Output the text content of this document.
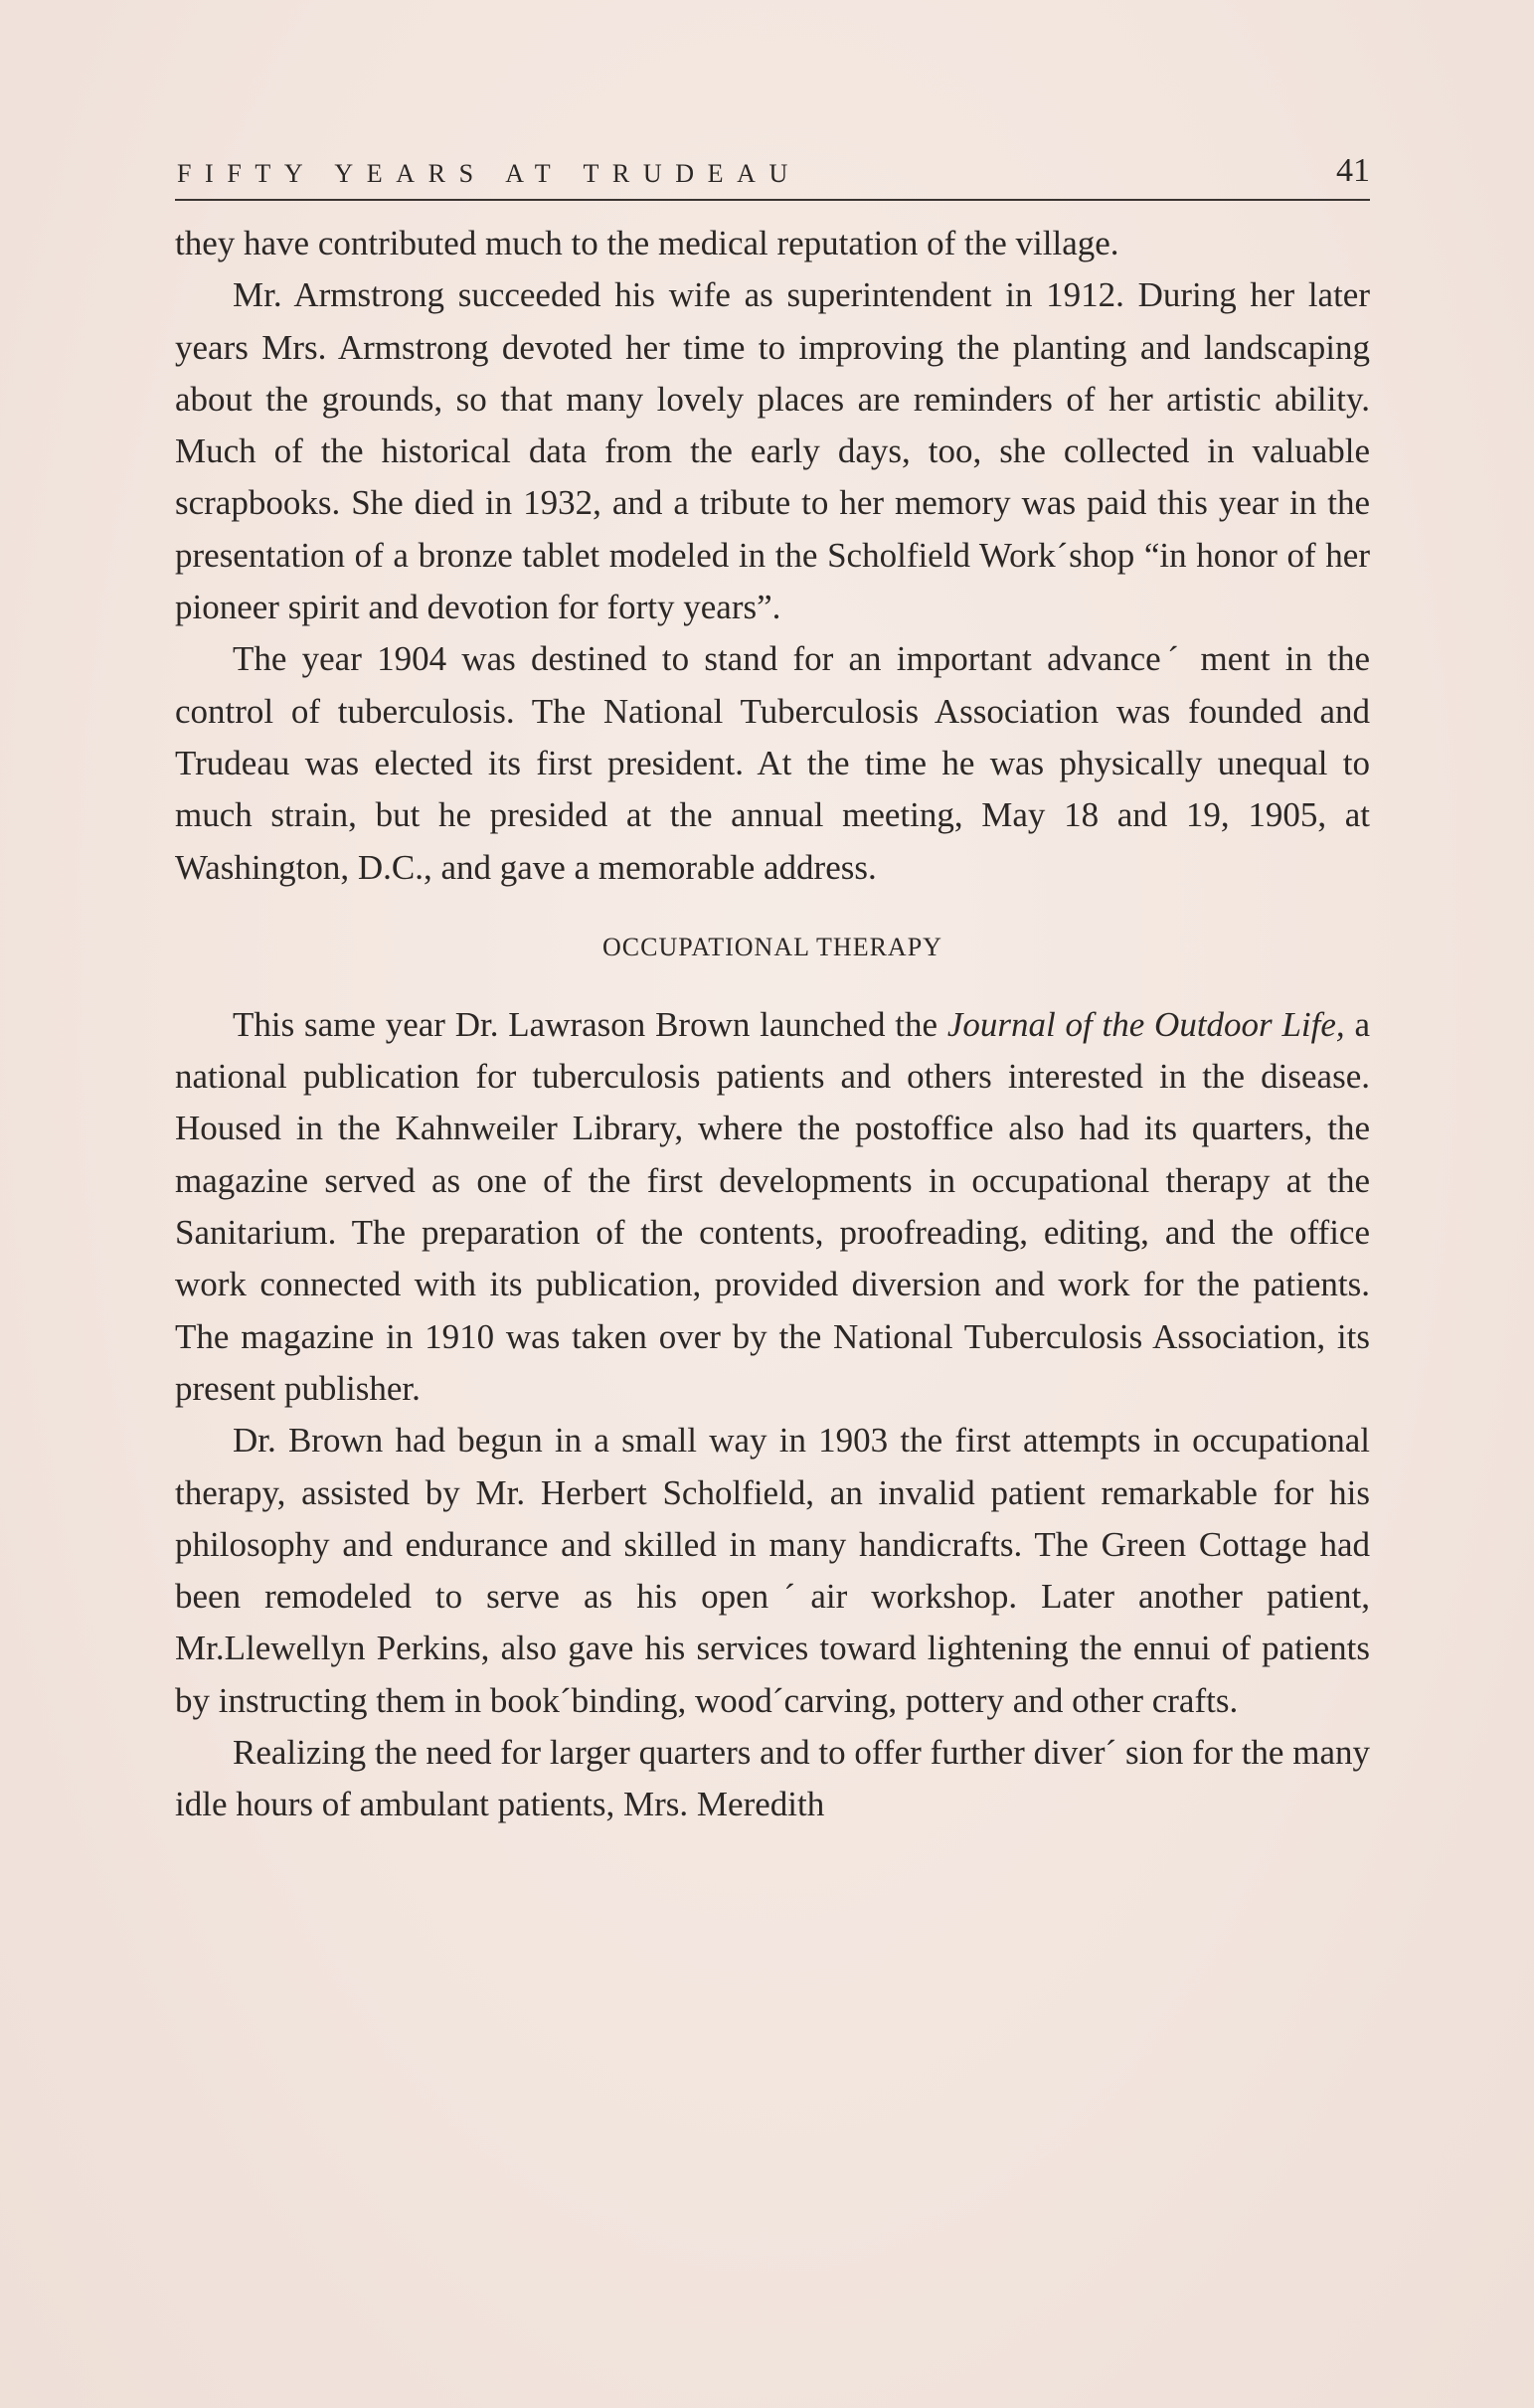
FIFTY YEARS AT TRUDEAU	41

they have contributed much to the medical reputation of the village.

Mr. Armstrong succeeded his wife as superintendent in 1912. During her later years Mrs. Armstrong devoted her time to improving the planting and landscaping about the grounds, so that many lovely places are reminders of her artistic ability. Much of the historical data from the early days, too, she collected in valuable scrapbooks. She died in 1932, and a tribute to her memory was paid this year in the presentation of a bronze tablet modeled in the Scholfield Workˊshop “in honor of her pioneer spirit and devotion for forty years”.

The year 1904 was destined to stand for an important advanceˊ ment in the control of tuberculosis. The National Tuberculosis Association was founded and Trudeau was elected its first president. At the time he was physically unequal to much strain, but he presided at the annual meeting, May 18 and 19, 1905, at Washington, D.C., and gave a memorable address.

OCCUPATIONAL THERAPY

This same year Dr. Lawrason Brown launched the Journal of the Outdoor Life, a national publication for tuberculosis patients and others interested in the disease. Housed in the Kahnweiler Library, where the postoffice also had its quarters, the magazine served as one of the first developments in occupational therapy at the Sanitarium. The preparation of the contents, proofreading, editing, and the office work connected with its publication, provided diversion and work for the patients. The magazine in 1910 was taken over by the National Tuberculosis Association, its present publisher.

Dr. Brown had begun in a small way in 1903 the first attempts in occupational therapy, assisted by Mr. Herbert Scholfield, an invalid patient remarkable for his philosophy and endurance and skilled in many handicrafts. The Green Cottage had been remodeled to serve as his openˊair workshop. Later another patient, Mr.Llewellyn Perkins, also gave his services toward lightening the ennui of patients by instructing them in bookˊbinding, woodˊcarving, pottery and other crafts.

Realizing the need for larger quarters and to offer further diverˊ sion for the many idle hours of ambulant patients, Mrs. Meredith
